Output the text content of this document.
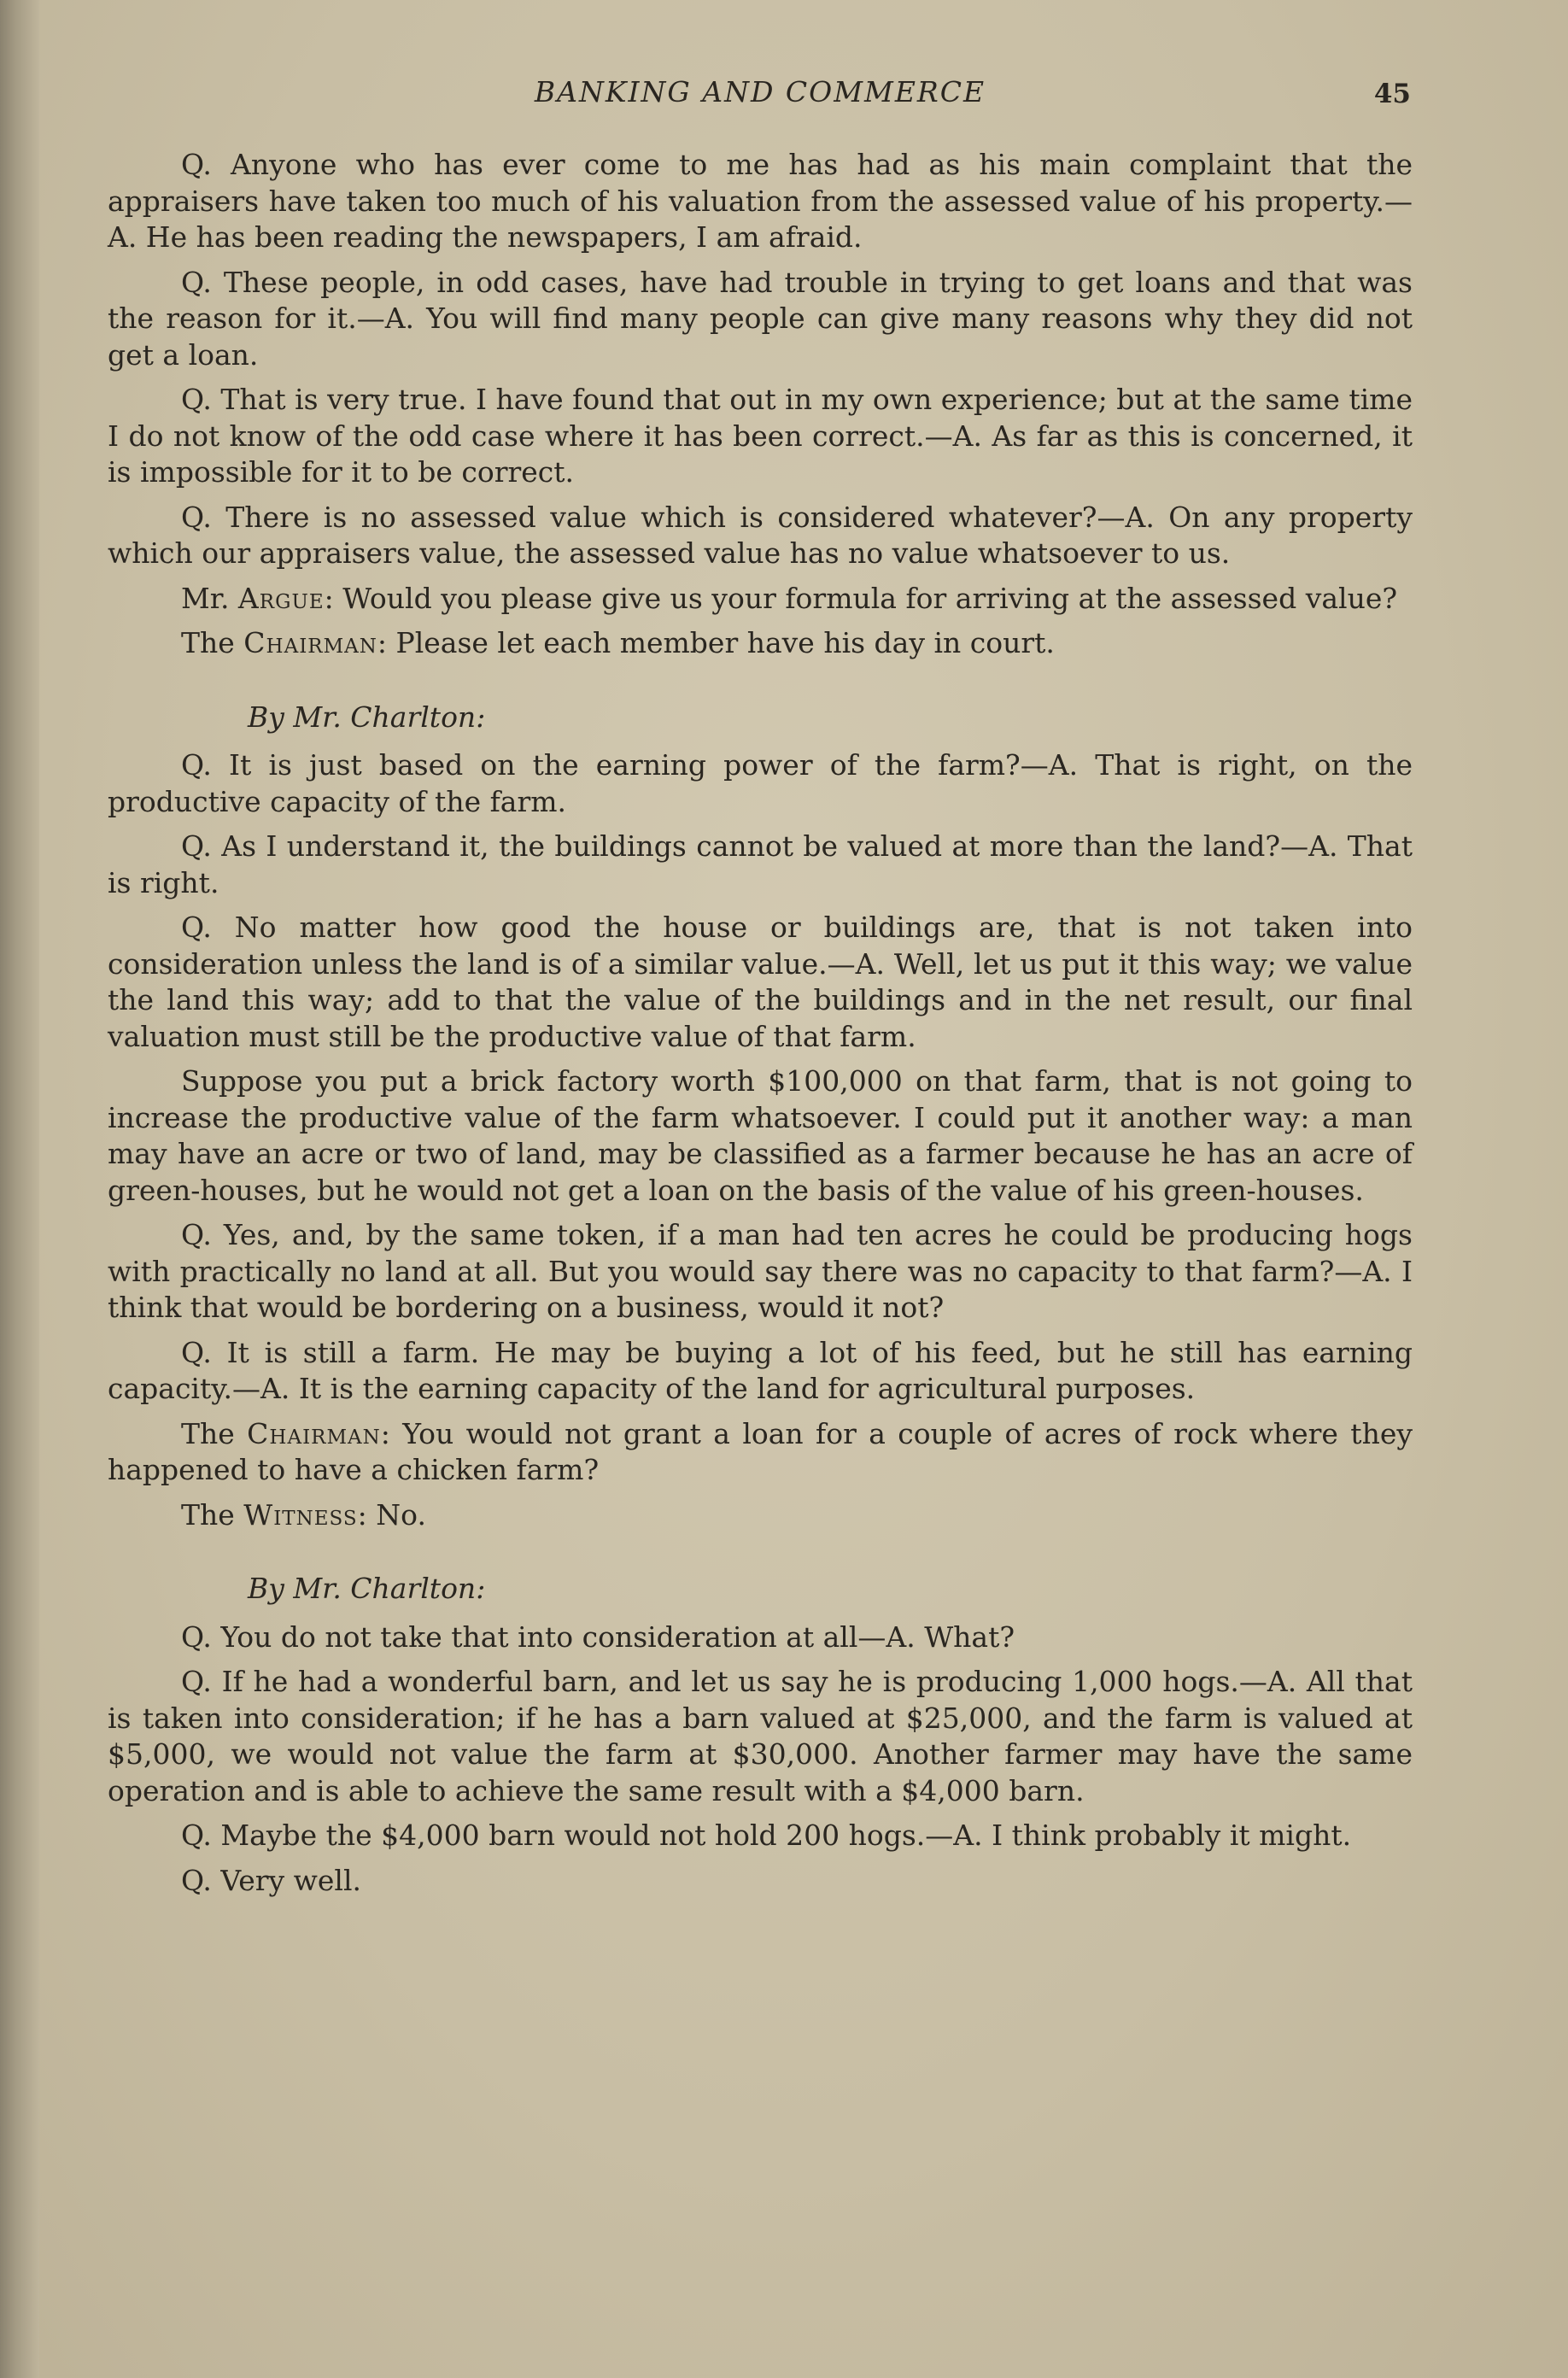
BANKING AND COMMERCE	45

Q. Anyone who has ever come to me has had as his main complaint that the appraisers have taken too much of his valuation from the assessed value of his property.—A. He has been reading the newspapers, I am afraid.

Q. These people, in odd cases, have had trouble in trying to get loans and that was the reason for it.—A. You will find many people can give many reasons why they did not get a loan.

Q. That is very true. I have found that out in my own experience; but at the same time I do not know of the odd case where it has been correct.—A. As far as this is concerned, it is impossible for it to be correct.

Q. There is no assessed value which is considered whatever?—A. On any property which our appraisers value, the assessed value has no value whatsoever to us.

Mr. Argue: Would you please give us your formula for arriving at the assessed value?

The Chairman: Please let each member have his day in court.

By Mr. Charlton:

Q. It is just based on the earning power of the farm?—A. That is right, on the productive capacity of the farm.

Q. As I understand it, the buildings cannot be valued at more than the land?—A. That is right.

Q. No matter how good the house or buildings are, that is not taken into consideration unless the land is of a similar value.—A. Well, let us put it this way; we value the land this way; add to that the value of the buildings and in the net result, our final valuation must still be the productive value of that farm.

Suppose you put a brick factory worth $100,000 on that farm, that is not going to increase the productive value of the farm whatsoever. I could put it another way: a man may have an acre or two of land, may be classified as a farmer because he has an acre of green-houses, but he would not get a loan on the basis of the value of his green-houses.

Q. Yes, and, by the same token, if a man had ten acres he could be producing hogs with practically no land at all. But you would say there was no capacity to that farm?—A. I think that would be bordering on a business, would it not?

Q. It is still a farm. He may be buying a lot of his feed, but he still has earning capacity.—A. It is the earning capacity of the land for agricultural purposes.

The Chairman: You would not grant a loan for a couple of acres of rock where they happened to have a chicken farm?

The Witness: No.

By Mr. Charlton:

Q. You do not take that into consideration at all—A. What?

Q. If he had a wonderful barn, and let us say he is producing 1,000 hogs.—A. All that is taken into consideration; if he has a barn valued at $25,000, and the farm is valued at $5,000, we would not value the farm at $30,000. Another farmer may have the same operation and is able to achieve the same result with a $4,000 barn.

Q. Maybe the $4,000 barn would not hold 200 hogs.—A. I think probably it might.

Q. Very well.
